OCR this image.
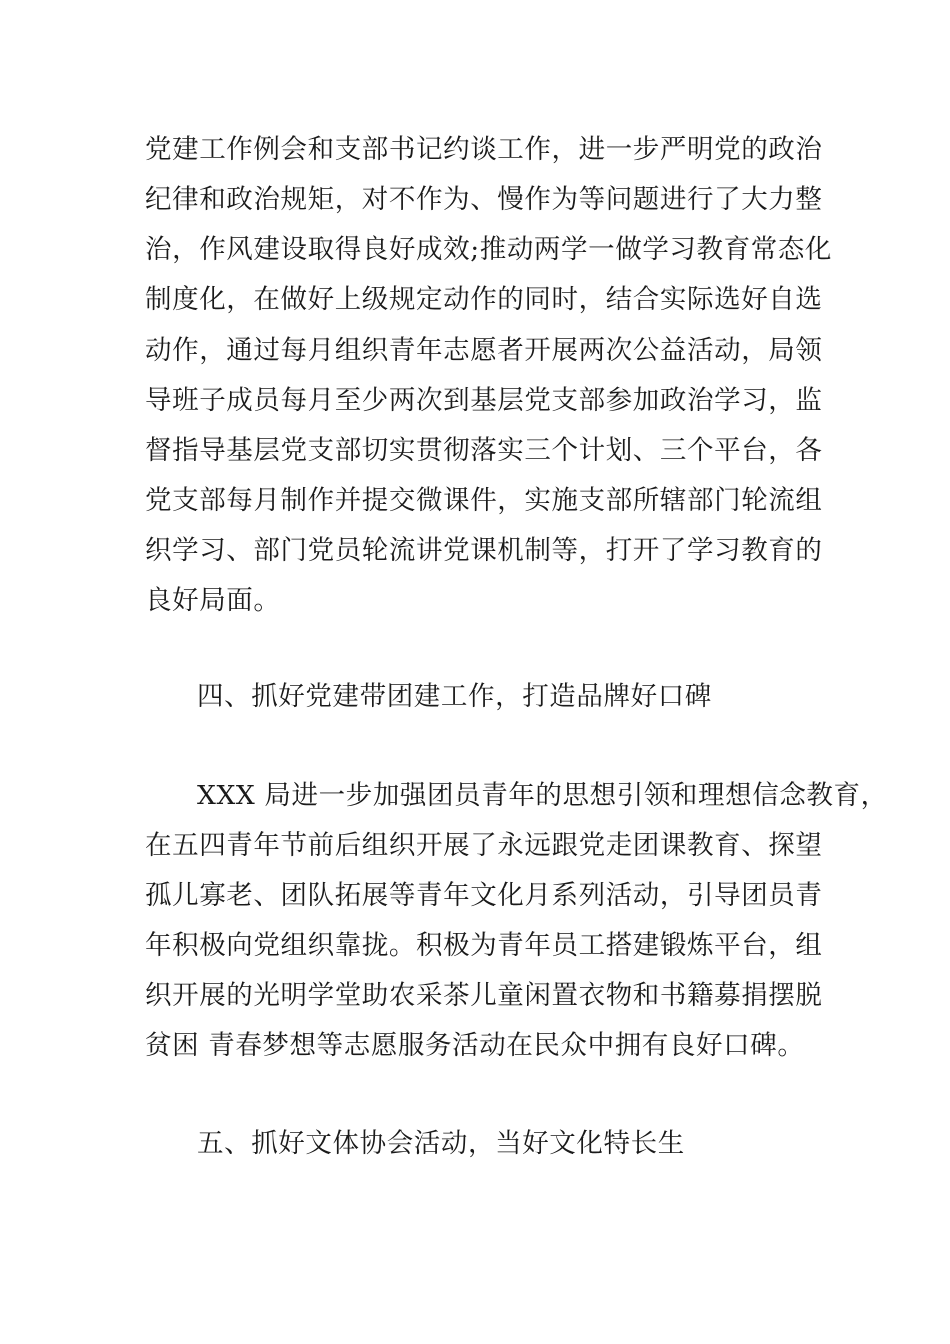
党建工作例会和支部书记约谈工作，进一步严明党的政治
纪律和政治规矩，对不作为、慢作为等问题进行了大力整
治，作风建设取得良好成效;推动两学一做学习教育常态化
制度化，在做好上级规定动作的同时，结合实际选好自选
动作，通过每月组织青年志愿者开展两次公益活动，局领
导班子成员每月至少两次到基层党支部参加政治学习，监
督指导基层党支部切实贯彻落实三个计划、三个平台，各
党支部每月制作并提交微课件，实施支部所辖部门轮流组
织学习、部门党员轮流讲党课机制等，打开了学习教育的
良好局面。
四、抓好党建带团建工作，打造品牌好口碑
XXX 局进一步加强团员青年的思想引领和理想信念教育，
在五四青年节前后组织开展了永远跟党走团课教育、探望
孤儿寡老、团队拓展等青年文化月系列活动，引导团员青
年积极向党组织靠拢。积极为青年员工搭建锻炼平台，组
织开展的光明学堂助农采茶儿童闲置衣物和书籍募捐摆脱
贫困 青春梦想等志愿服务活动在民众中拥有良好口碑。
五、抓好文体协会活动，当好文化特长生
